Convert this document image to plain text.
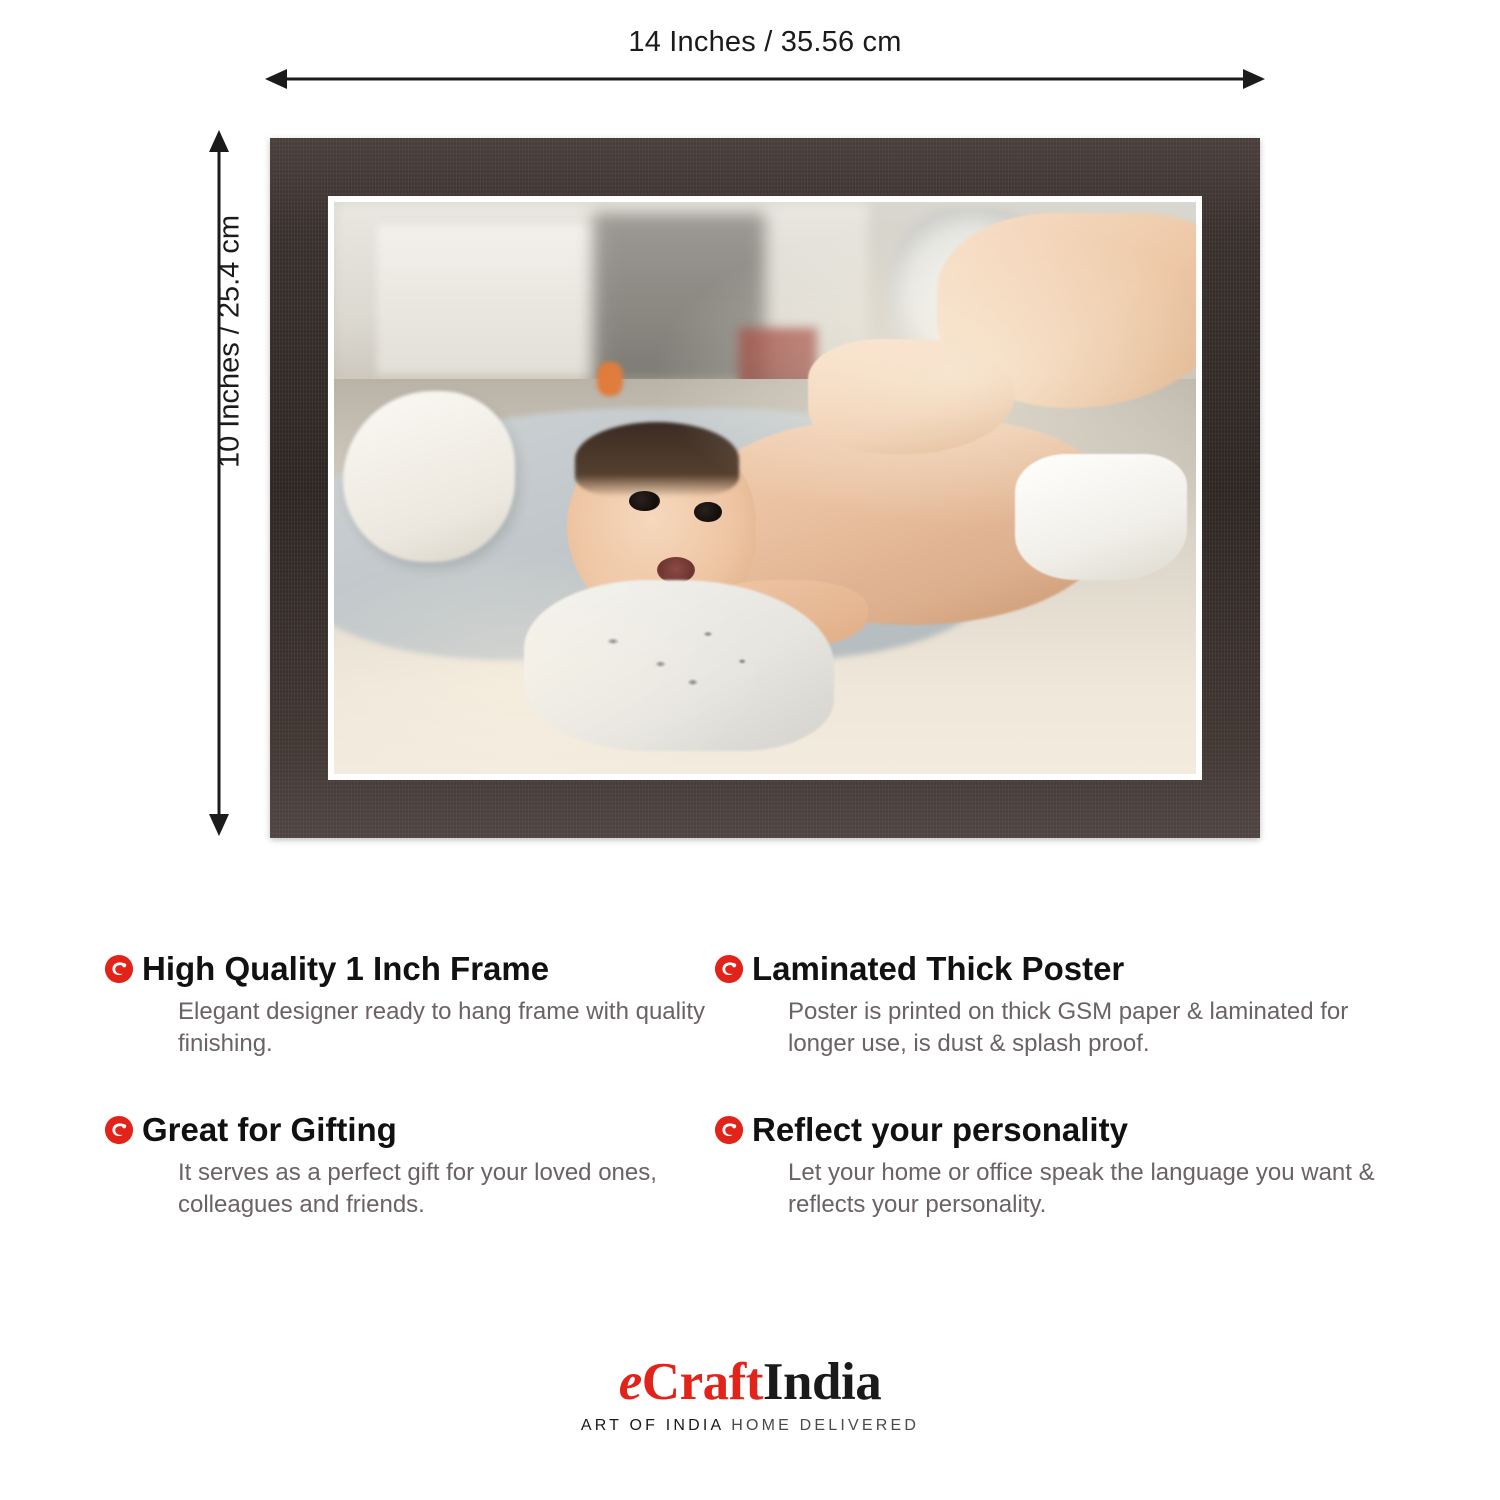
14 Inches / 35.56 cm
10 Inches / 25.4 cm
High Quality 1 Inch Frame

Elegant designer ready to hang frame with quality finishing.

Laminated Thick Poster

Poster is printed on thick GSM paper & laminated for longer use, is dust & splash proof.

Great for Gifting

It serves as a perfect gift for your loved ones, colleagues and friends.

Reflect your personality

Let your home or office speak the language you want & reflects your personality.

eCraftIndia
ART OF INDIA HOME DELIVERED
